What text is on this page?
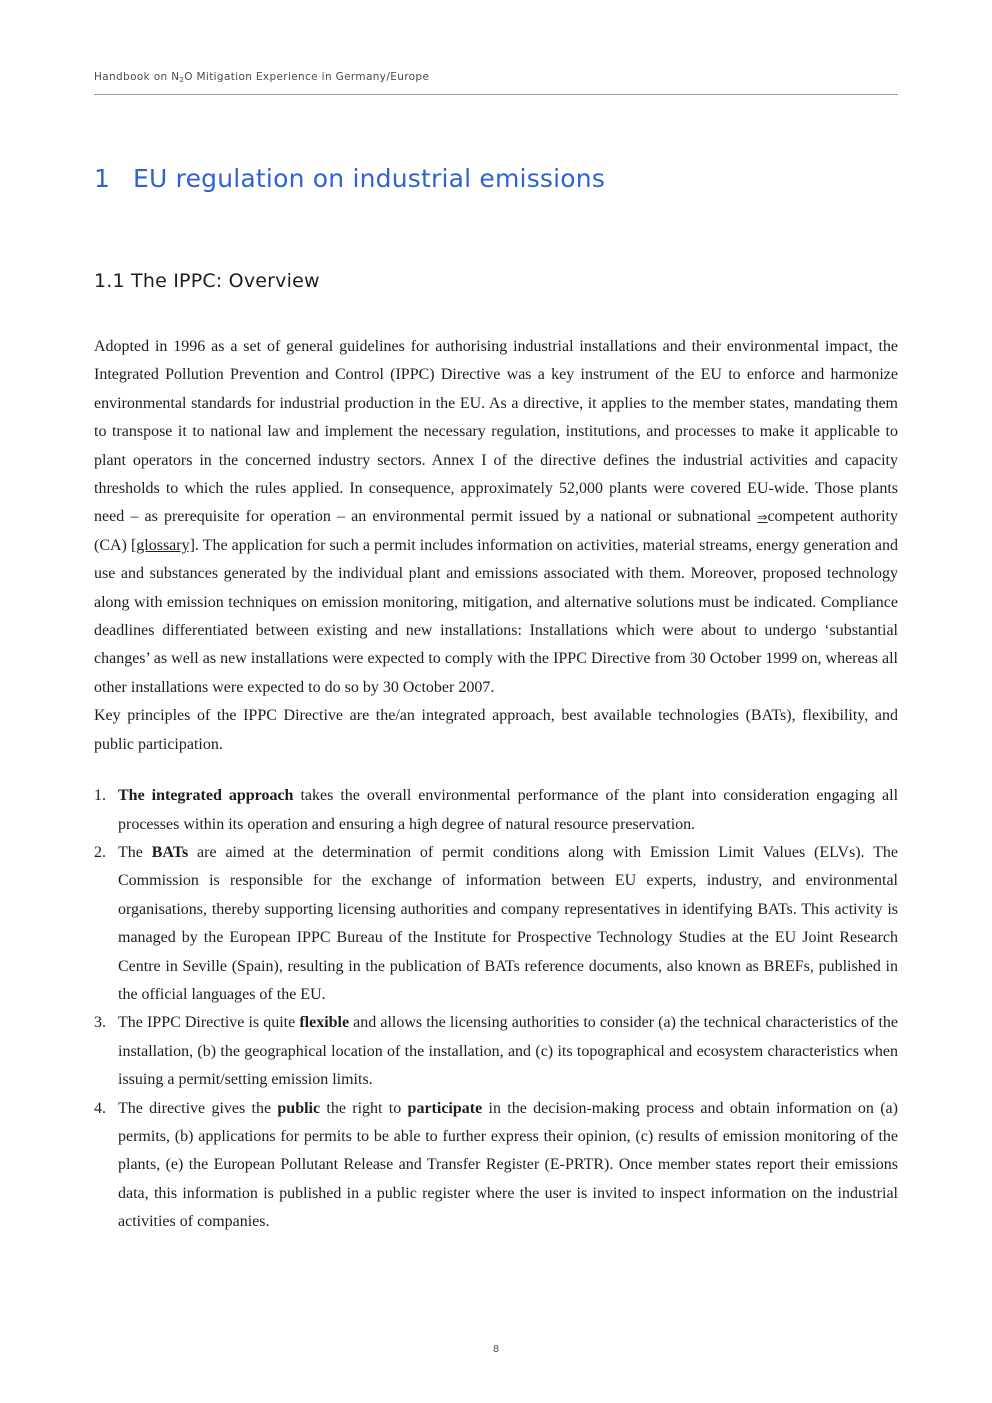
Handbook on $N_2O$ Mitigation Experience in Germany/Europe
1 EU regulation on industrial emissions
1.1 The IPPC: Overview

Adopted in 1996 as a set of general guidelines for authorising industrial installations and their environmental impact, the Integrated Pollution Prevention and Control (IPPC) Directive was a key instrument of the EU to enforce and harmonize environmental standards for industrial production in the EU. As a directive, it applies to the member states, mandating them to transpose it to national law and implement the necessary regulation, institutions, and processes to make it applicable to plant operators in the concerned industry sectors. Annex I of the directive defines the industrial activities and capacity thresholds to which the rules applied. In consequence, approximately 52,000 plants were covered EU-wide. Those plants need – as prerequisite for operation – an environmental permit issued by a national or subnational ⇒competent authority (CA) [glossary]. The application for such a permit includes information on activities, material streams, energy generation and use and substances generated by the individual plant and emissions associated with them. Moreover, proposed technology along with emission techniques on emission monitoring, mitigation, and alternative solutions must be indicated. Compliance deadlines differentiated between existing and new installations: Installations which were about to undergo ‘substantial changes’ as well as new installations were expected to comply with the IPPC Directive from 30 October 1999 on, whereas all other installations were expected to do so by 30 October 2007.

Key principles of the IPPC Directive are the/an integrated approach, best available technologies (BATs), flexibility, and public participation.

1. The integrated approach takes the overall environmental performance of the plant into consideration engaging all processes within its operation and ensuring a high degree of natural resource preservation.
2. The BATs are aimed at the determination of permit conditions along with Emission Limit Values (ELVs). The Commission is responsible for the exchange of information between EU experts, industry, and environmental organisations, thereby supporting licensing authorities and company representatives in identifying BATs. This activity is managed by the European IPPC Bureau of the Institute for Prospective Technology Studies at the EU Joint Research Centre in Seville (Spain), resulting in the publication of BATs reference documents, also known as BREFs, published in the official languages of the EU.
3. The IPPC Directive is quite flexible and allows the licensing authorities to consider (a) the technical characteristics of the installation, (b) the geographical location of the installation, and (c) its topographical and ecosystem characteristics when issuing a permit/setting emission limits.
4. The directive gives the public the right to participate in the decision-making process and obtain information on (a) permits, (b) applications for permits to be able to further express their opinion, (c) results of emission monitoring of the plants, (e) the European Pollutant Release and Transfer Register (E-PRTR). Once member states report their emissions data, this information is published in a public register where the user is invited to inspect information on the industrial activities of companies.
8
